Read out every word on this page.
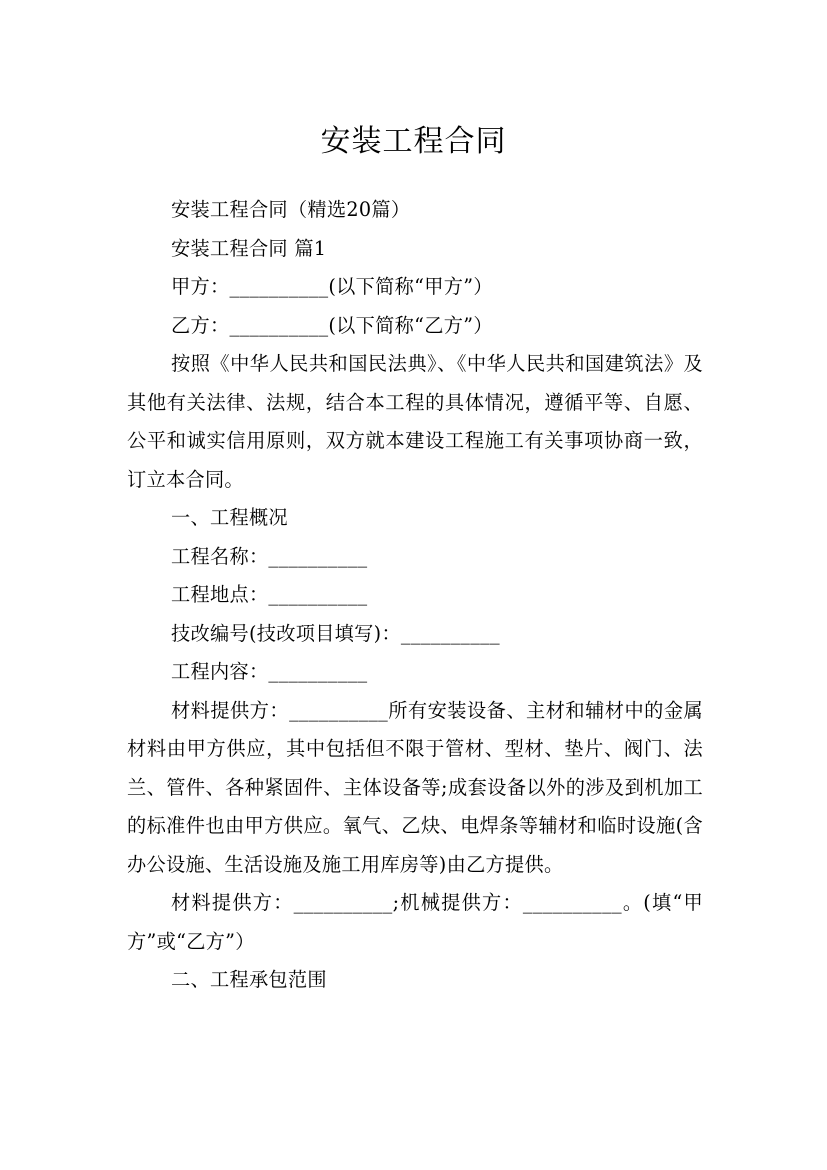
安装工程合同

安装工程合同（精选20篇）

安装工程合同 篇1

甲方：__________(以下简称“甲方”）

乙方：__________(以下简称“乙方”）

按照《中华人民共和国民法典》、《中华人民共和国建筑法》及其他有关法律、法规，结合本工程的具体情况，遵循平等、自愿、公平和诚实信用原则，双方就本建设工程施工有关事项协商一致，订立本合同。

一、工程概况

工程名称：__________

工程地点：__________

技改编号(技改项目填写)：__________

工程内容：__________

材料提供方：__________所有安装设备、主材和辅材中的金属材料由甲方供应，其中包括但不限于管材、型材、垫片、阀门、法兰、管件、各种紧固件、主体设备等;成套设备以外的涉及到机加工的标准件也由甲方供应。氧气、乙炔、电焊条等辅材和临时设施(含办公设施、生活设施及施工用库房等)由乙方提供。

材料提供方：__________;机械提供方：__________。(填“甲方”或“乙方”）

二、工程承包范围
